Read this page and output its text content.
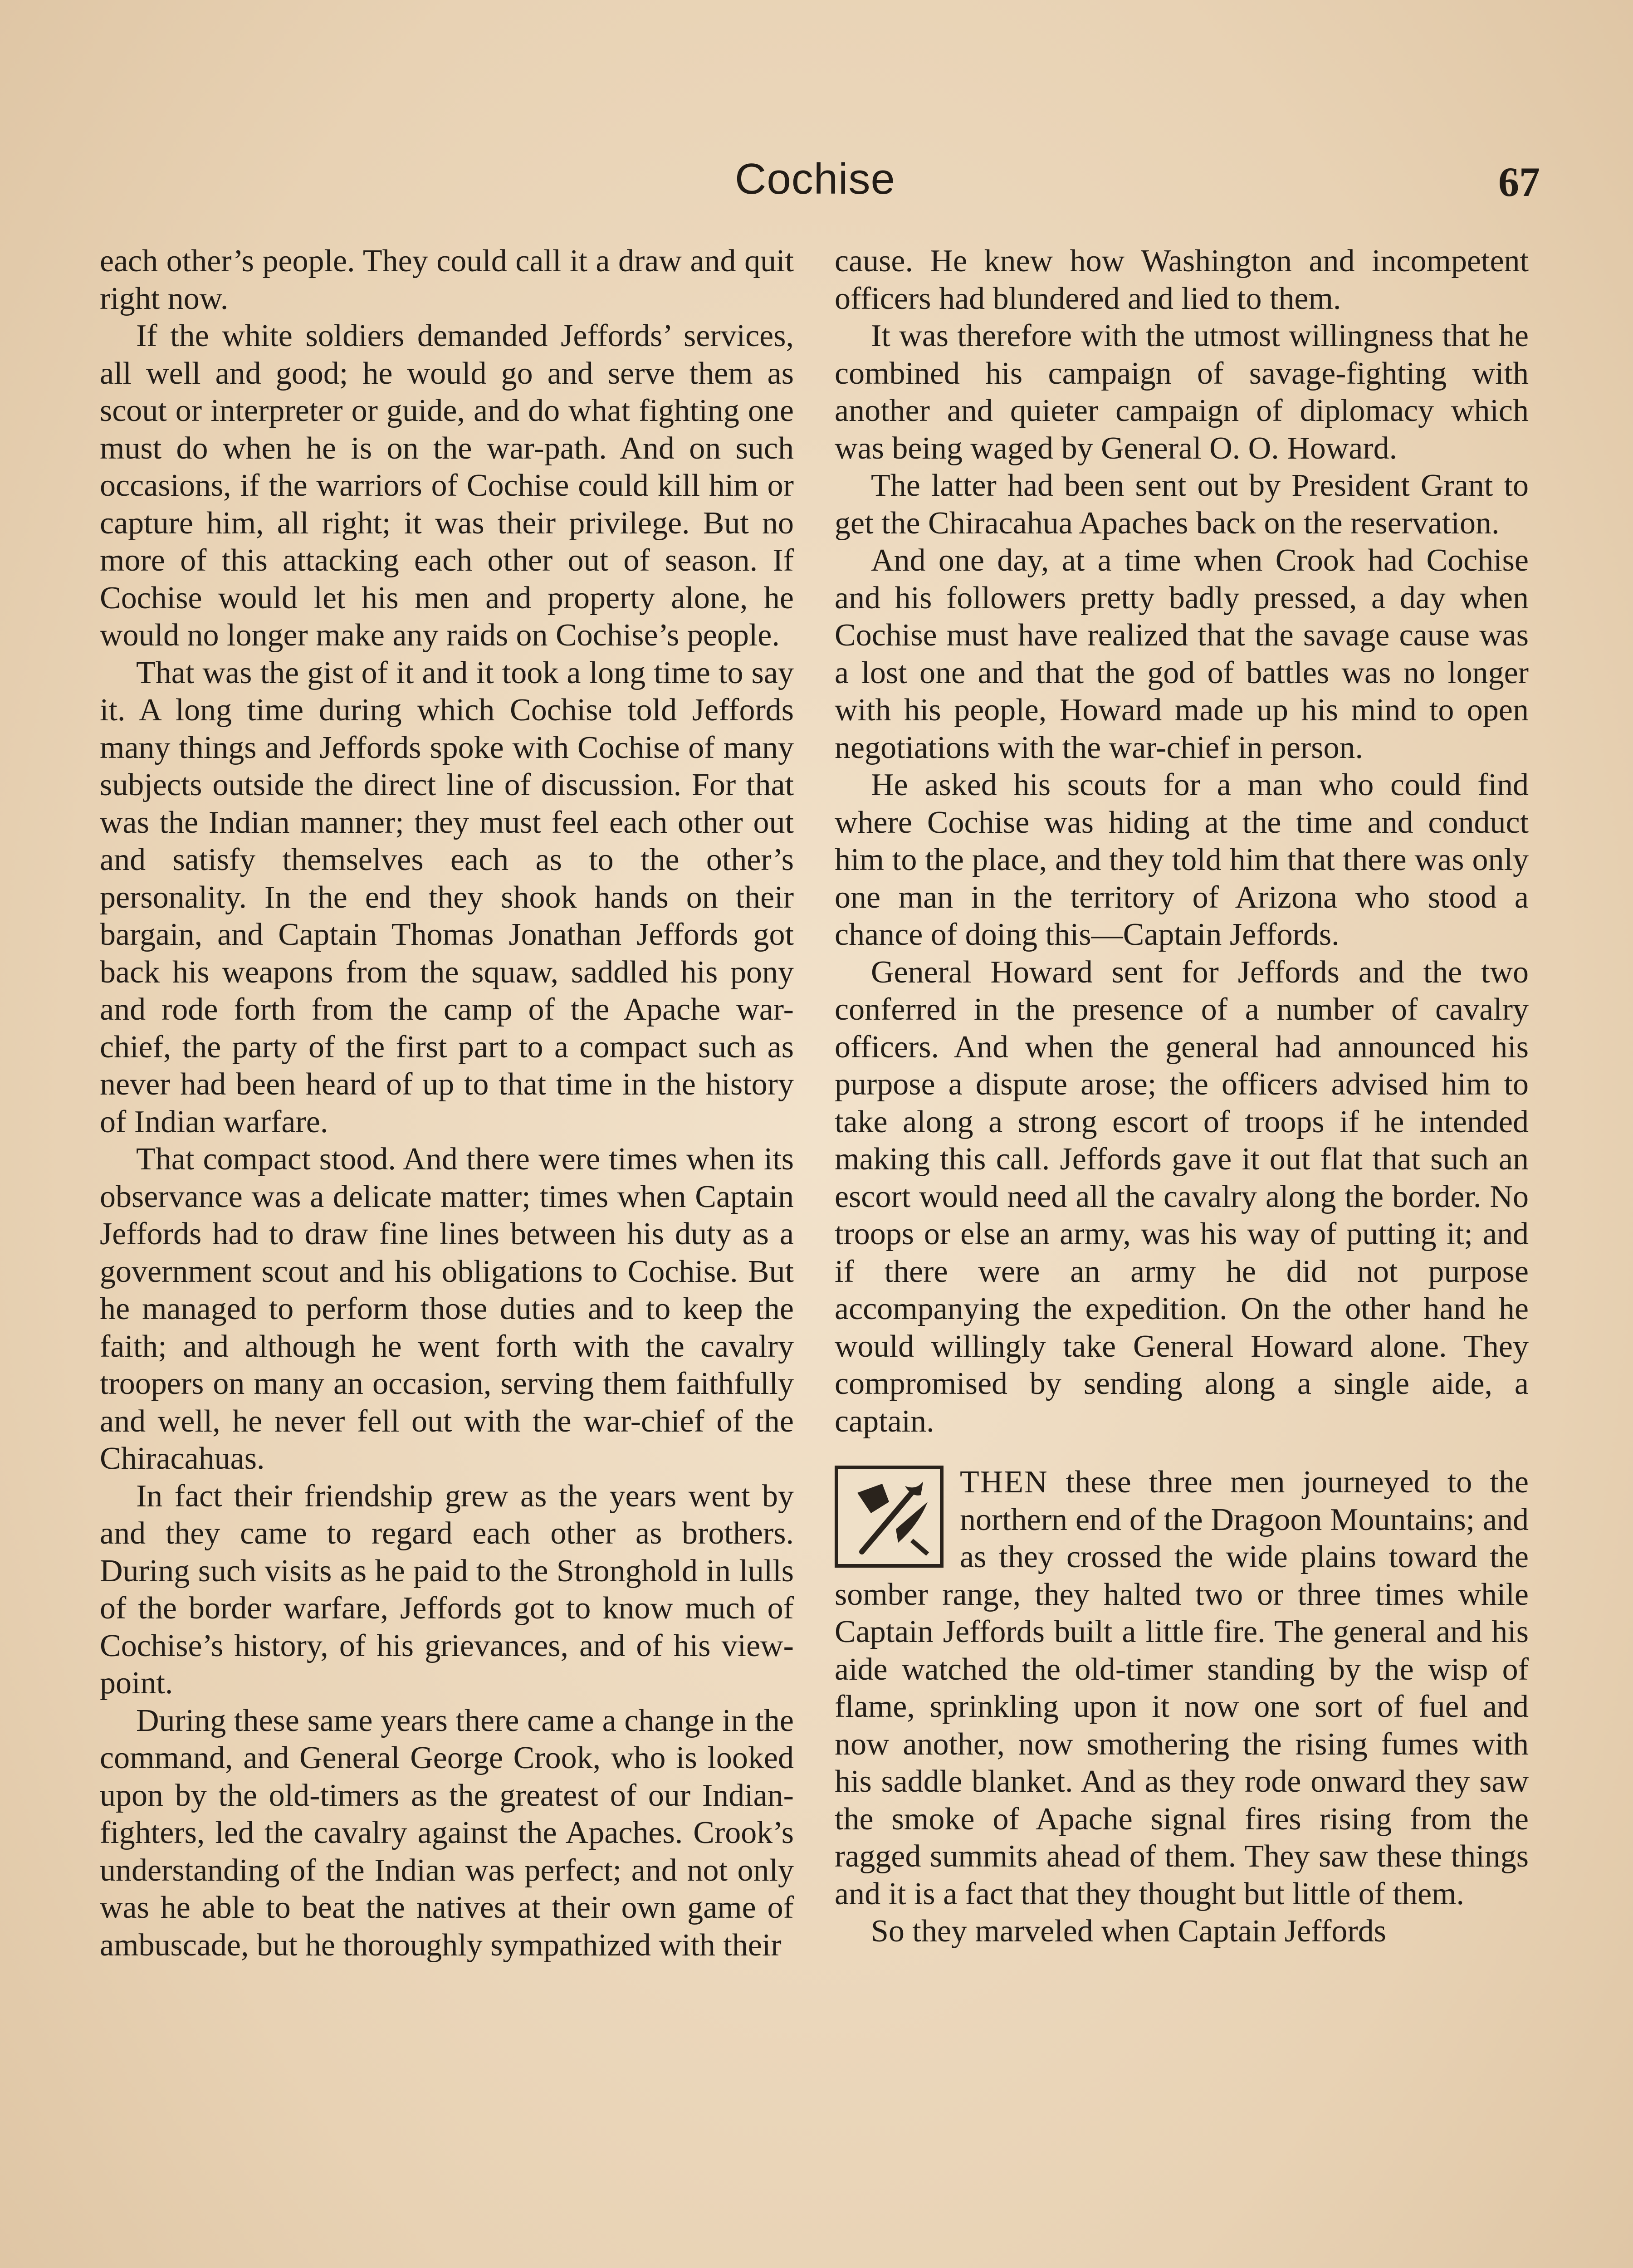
Cochise	67

each other’s people. They could call it a draw and quit right now.

If the white soldiers demanded Jeffords’ services, all well and good; he would go and serve them as scout or interpreter or guide, and do what fighting one must do when he is on the war-path. And on such occasions, if the warriors of Cochise could kill him or capture him, all right; it was their privilege. But no more of this attacking each other out of season. If Cochise would let his men and property alone, he would no longer make any raids on Cochise’s people.

That was the gist of it and it took a long time to say it. A long time during which Cochise told Jeffords many things and Jeffords spoke with Cochise of many subjects outside the direct line of discussion. For that was the Indian manner; they must feel each other out and satisfy themselves each as to the other’s personality. In the end they shook hands on their bargain, and Captain Thomas Jonathan Jeffords got back his weapons from the squaw, saddled his pony and rode forth from the camp of the Apache war-chief, the party of the first part to a compact such as never had been heard of up to that time in the history of Indian warfare.

That compact stood. And there were times when its observance was a delicate matter; times when Captain Jeffords had to draw fine lines between his duty as a government scout and his obligations to Cochise. But he managed to perform those duties and to keep the faith; and although he went forth with the cavalry troopers on many an occasion, serving them faithfully and well, he never fell out with the war-chief of the Chiracahuas.

In fact their friendship grew as the years went by and they came to regard each other as brothers. During such visits as he paid to the Stronghold in lulls of the border warfare, Jeffords got to know much of Cochise’s history, of his grievances, and of his view-point.

During these same years there came a change in the command, and General George Crook, who is looked upon by the old-timers as the greatest of our Indian-fighters, led the cavalry against the Apaches. Crook’s understanding of the Indian was perfect; and not only was he able to beat the natives at their own game of ambuscade, but he thoroughly sympathized with their

cause. He knew how Washington and incompetent officers had blundered and lied to them.

It was therefore with the utmost willingness that he combined his campaign of savage-fighting with another and quieter campaign of diplomacy which was being waged by General O. O. Howard.

The latter had been sent out by President Grant to get the Chiracahua Apaches back on the reservation.

And one day, at a time when Crook had Cochise and his followers pretty badly pressed, a day when Cochise must have realized that the savage cause was a lost one and that the god of battles was no longer with his people, Howard made up his mind to open negotiations with the war-chief in person.

He asked his scouts for a man who could find where Cochise was hiding at the time and conduct him to the place, and they told him that there was only one man in the territory of Arizona who stood a chance of doing this—Captain Jeffords.

General Howard sent for Jeffords and the two conferred in the presence of a number of cavalry officers. And when the general had announced his purpose a dispute arose; the officers advised him to take along a strong escort of troops if he intended making this call. Jeffords gave it out flat that such an escort would need all the cavalry along the border. No troops or else an army, was his way of putting it; and if there were an army he did not purpose accompanying the expedition. On the other hand he would willingly take General Howard alone. They compromised by sending along a single aide, a captain.

THEN these three men journeyed to the northern end of the Dragoon Mountains; and as they crossed the wide plains toward the somber range, they halted two or three times while Captain Jeffords built a little fire. The general and his aide watched the old-timer standing by the wisp of flame, sprinkling upon it now one sort of fuel and now another, now smothering the rising fumes with his saddle blanket. And as they rode onward they saw the smoke of Apache signal fires rising from the ragged summits ahead of them. They saw these things and it is a fact that they thought but little of them.

So they marveled when Captain Jeffords
